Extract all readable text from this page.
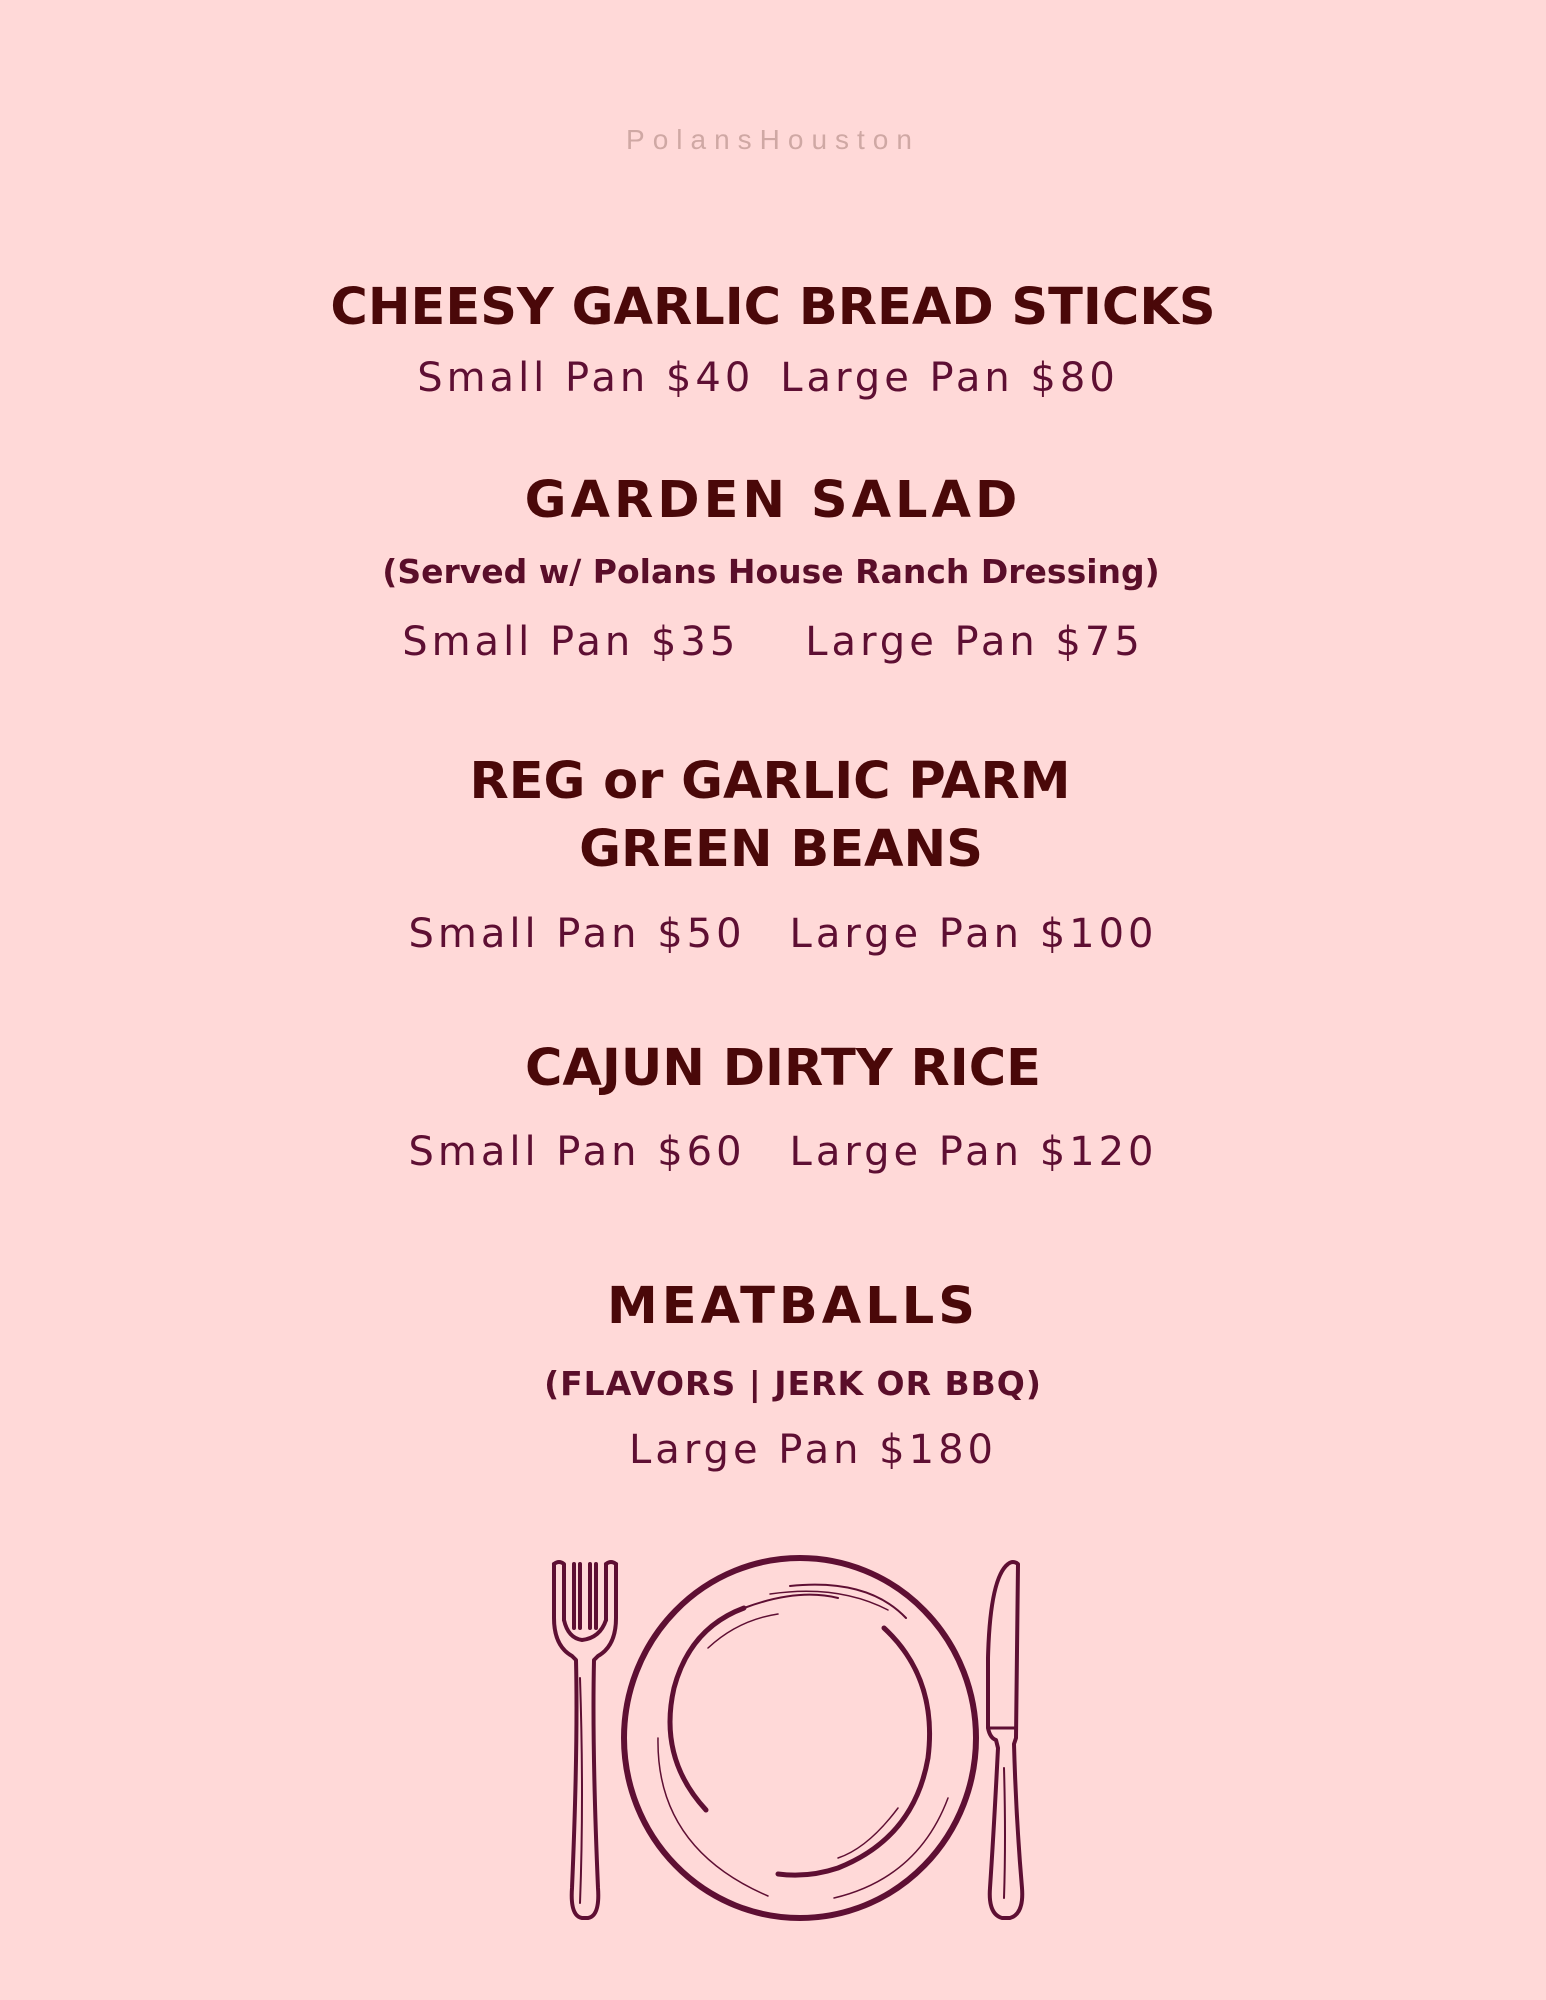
PolansHouston
CHEESY GARLIC BREAD STICKS
Small Pan $40 Large Pan $80
GARDEN SALAD
(Served w/ Polans House Ranch Dressing)
Small Pan $35 Large Pan $75
REG or GARLIC PARM
GREEN BEANS
Small Pan $50 Large Pan $100
CAJUN DIRTY RICE
Small Pan $60 Large Pan $120
MEATBALLS
(FLAVORS | JERK OR BBQ)
Large Pan $180
